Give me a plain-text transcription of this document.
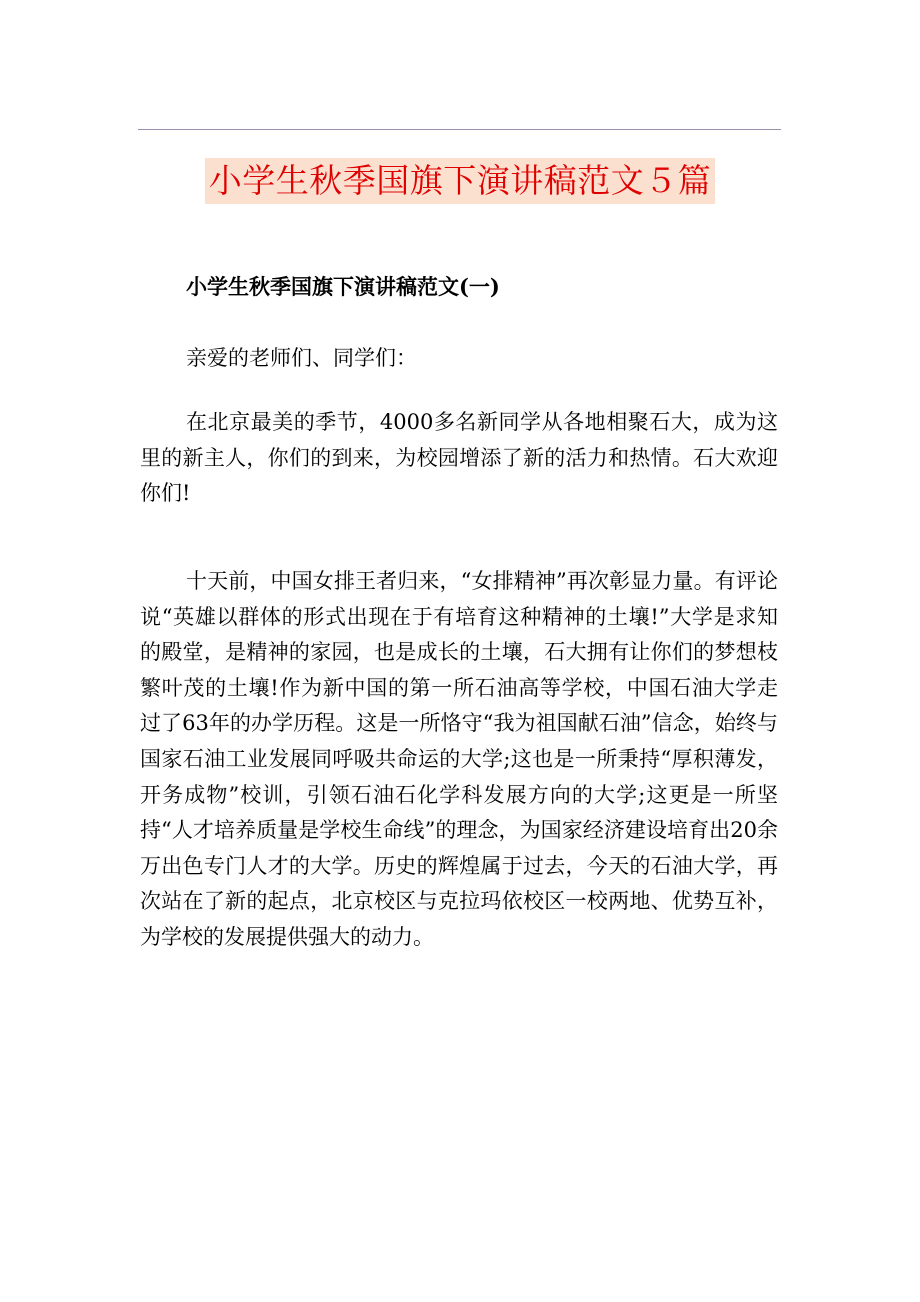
小学生秋季国旗下演讲稿范文５篇
小学生秋季国旗下演讲稿范文(一)

亲爱的老师们、同学们：

在北京最美的季节，4000多名新同学从各地相聚石大，成为这里的新主人，你们的到来，为校园增添了新的活力和热情。石大欢迎你们!

十天前，中国女排王者归来，“女排精神”再次彰显力量。有评论说“英雄以群体的形式出现在于有培育这种精神的土壤!”大学是求知的殿堂，是精神的家园，也是成长的土壤，石大拥有让你们的梦想枝繁叶茂的土壤!作为新中国的第一所石油高等学校，中国石油大学走过了63年的办学历程。这是一所恪守“我为祖国献石油”信念，始终与国家石油工业发展同呼吸共命运的大学;这也是一所秉持“厚积薄发，开务成物”校训，引领石油石化学科发展方向的大学;这更是一所坚持“人才培养质量是学校生命线”的理念，为国家经济建设培育出20余万出色专门人才的大学。历史的辉煌属于过去，今天的石油大学，再次站在了新的起点，北京校区与克拉玛依校区一校两地、优势互补，为学校的发展提供强大的动力。
